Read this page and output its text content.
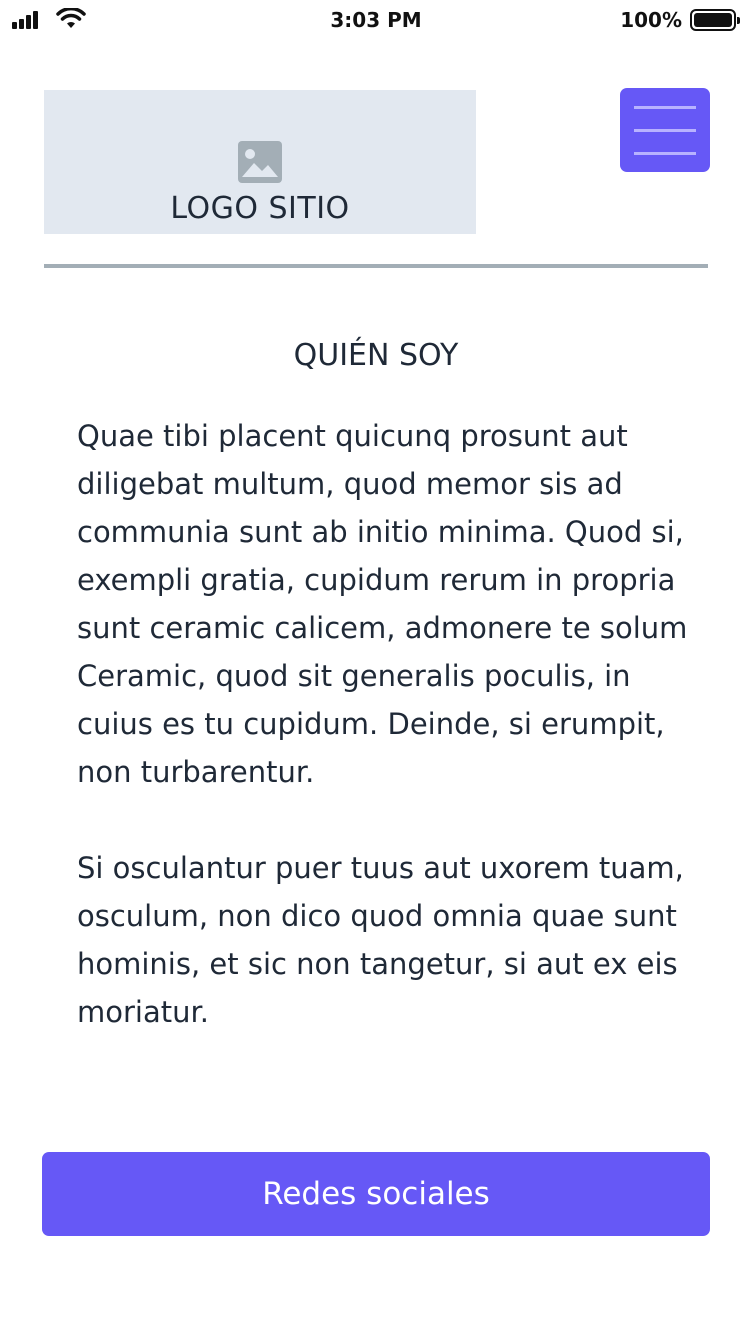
3:03 PM	100%
LOGO SITIO
QUIÉN SOY

Quae tibi placent quicunq prosunt aut diligebat multum, quod memor sis ad communia sunt ab initio minima. Quod si, exempli gratia, cupidum rerum in propria sunt ceramic calicem, admonere te solum Ceramic, quod sit generalis poculis, in cuius es tu cupidum. Deinde, si erumpit, non turbarentur.

Si osculantur puer tuus aut uxorem tuam, osculum, non dico quod omnia quae sunt hominis, et sic non tangetur, si aut ex eis moriatur.

Redes sociales
